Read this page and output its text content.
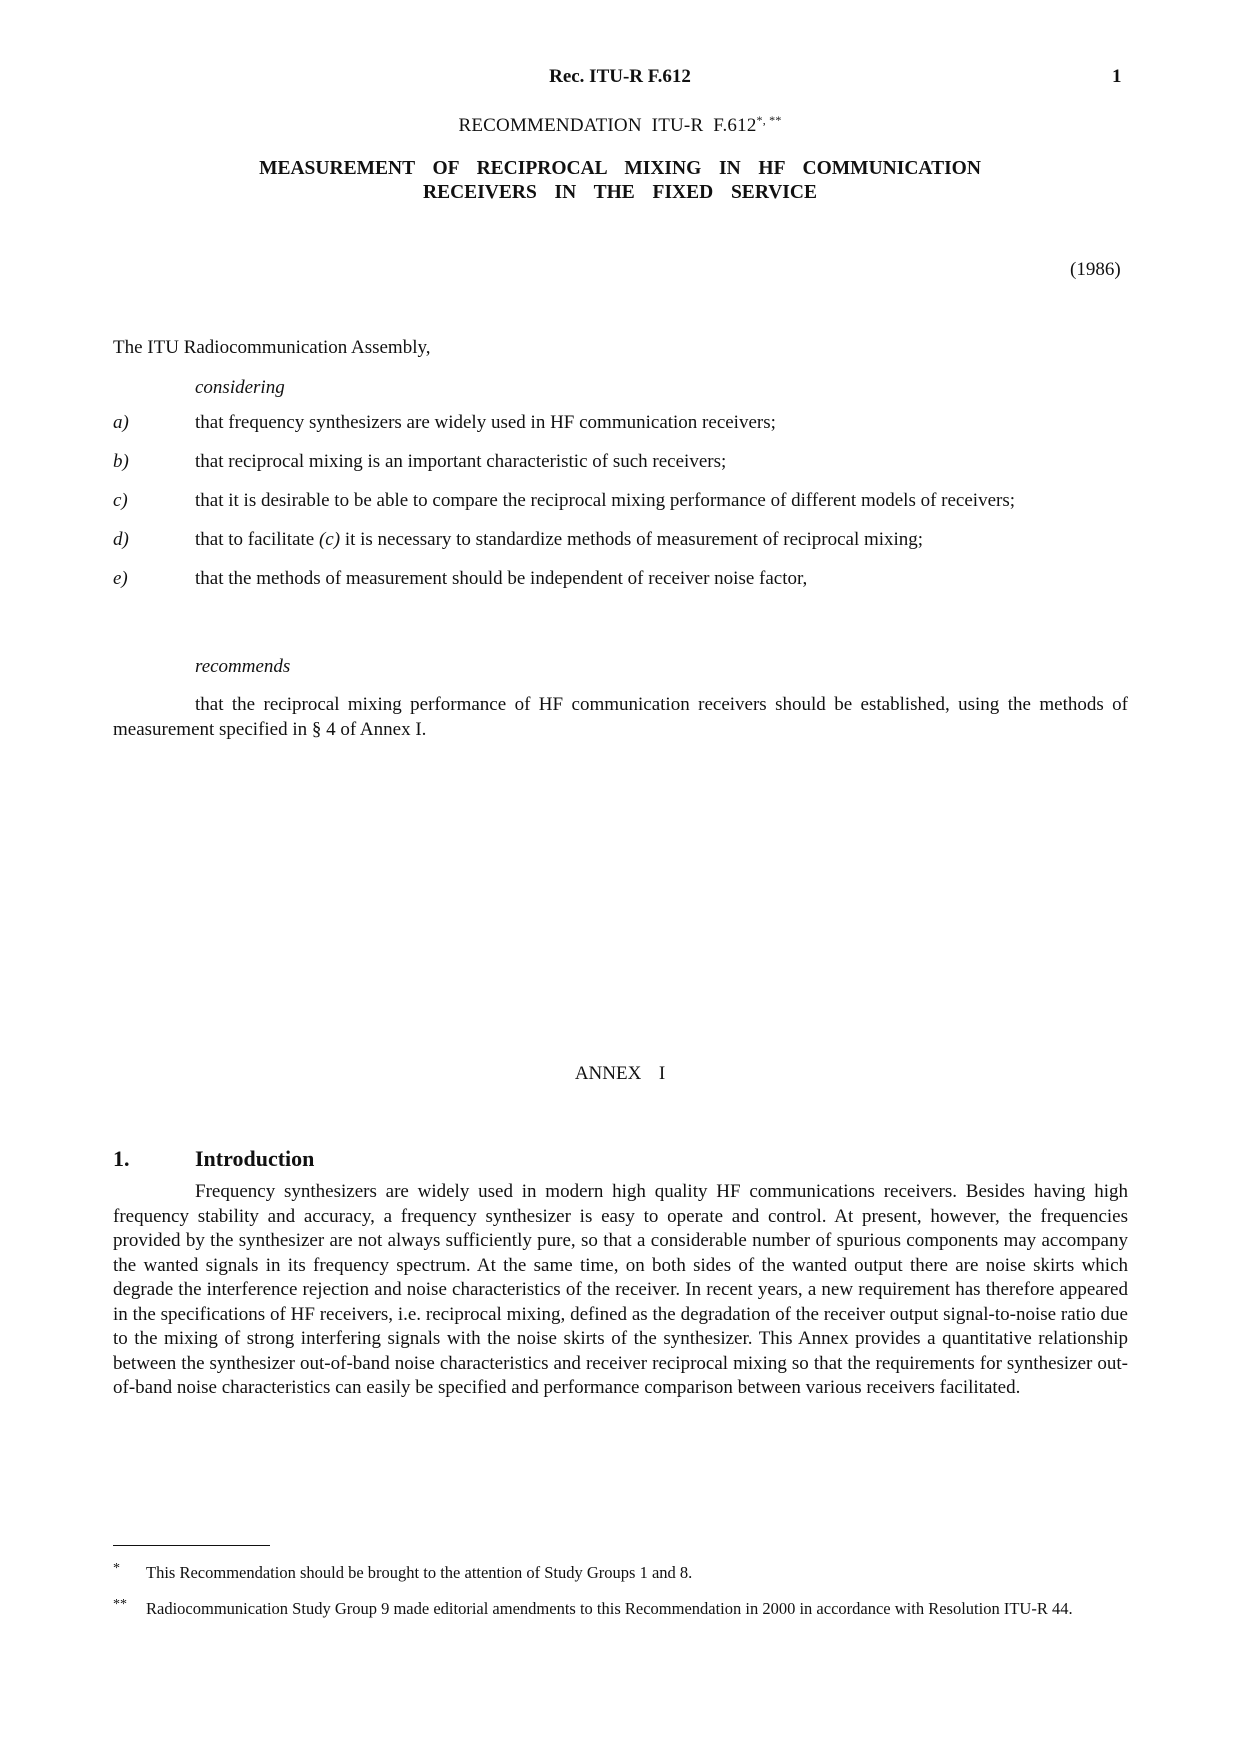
Rec. ITU-R F.612	1
RECOMMENDATION  ITU-R  F.612*, **
MEASUREMENT  OF  RECIPROCAL  MIXING  IN  HF  COMMUNICATION
RECEIVERS  IN  THE  FIXED  SERVICE
(1986)
The ITU Radiocommunication Assembly,
considering
a)	that frequency synthesizers are widely used in HF communication receivers;
b)	that reciprocal mixing is an important characteristic of such receivers;
c)	that it is desirable to be able to compare the reciprocal mixing performance of different models of receivers;
d)	that to facilitate (c) it is necessary to standardize methods of measurement of reciprocal mixing;
e)	that the methods of measurement should be independent of receiver noise factor,
recommends
that the reciprocal mixing performance of HF communication receivers should be established, using the methods of measurement specified in § 4 of Annex I.
ANNEX  I
1.	Introduction
Frequency synthesizers are widely used in modern high quality HF communications receivers. Besides having high frequency stability and accuracy, a frequency synthesizer is easy to operate and control. At present, however, the frequencies provided by the synthesizer are not always sufficiently pure, so that a considerable number of spurious components may accompany the wanted signals in its frequency spectrum. At the same time, on both sides of the wanted output there are noise skirts which degrade the interference rejection and noise characteristics of the receiver. In recent years, a new requirement has therefore appeared in the specifications of HF receivers, i.e. reciprocal mixing, defined as the degradation of the receiver output signal-to-noise ratio due to the mixing of strong interfering signals with the noise skirts of the synthesizer. This Annex provides a quantitative relationship between the synthesizer out-of-band noise characteristics and receiver reciprocal mixing so that the requirements for synthesizer out-of-band noise characteristics can easily be specified and performance comparison between various receivers facilitated.
* This Recommendation should be brought to the attention of Study Groups 1 and 8.
** Radiocommunication Study Group 9 made editorial amendments to this Recommendation in 2000 in accordance with Resolution ITU-R 44.
